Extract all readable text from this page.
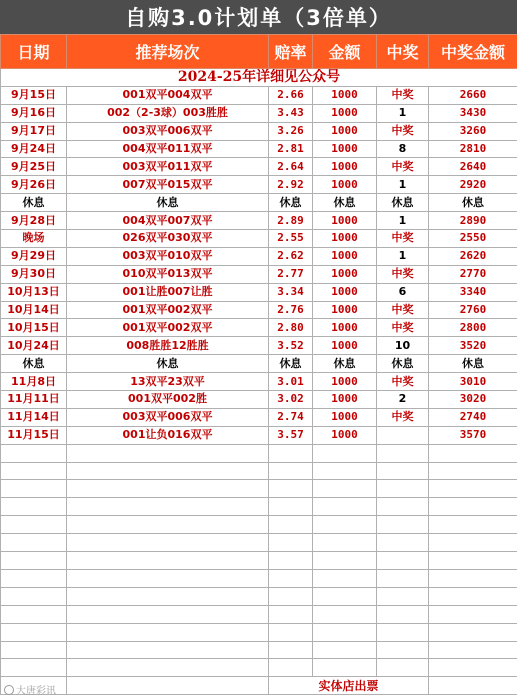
自购3.0计划单（3倍单）
日期	推荐场次	赔率	金额	中奖	中奖金额
2024-25年详细见公众号					
9月15日	001双平004双平	2.66	1000	中奖	2660
9月16日	002（2-3球）003胜胜	3.43	1000	1	3430
9月17日	003双平006双平	3.26	1000	中奖	3260
9月24日	004双平011双平	2.81	1000	8	2810
9月25日	003双平011双平	2.64	1000	中奖	2640
9月26日	007双平015双平	2.92	1000	1	2920
休息	休息	休息	休息	休息	休息
9月28日	004双平007双平	2.89	1000	1	2890
晚场	026双平030双平	2.55	1000	中奖	2550
9月29日	003双平010双平	2.62	1000	1	2620
9月30日	010双平013双平	2.77	1000	中奖	2770
10月13日	001让胜007让胜	3.34	1000	6	3340
10月14日	001双平002双平	2.76	1000	中奖	2760
10月15日	001双平002双平	2.80	1000	中奖	2800
10月24日	008胜胜12胜胜	3.52	1000	10	3520
休息	休息	休息	休息	休息	休息
11月8日	13双平23双平	3.01	1000	中奖	3010
11月11日	001双平002胜	3.02	1000	2	3020
11月14日	003双平006双平	2.74	1000	中奖	2740
11月15日	001让负016双平	3.57	1000		3570

		实体店出票			
大唐彩讯
